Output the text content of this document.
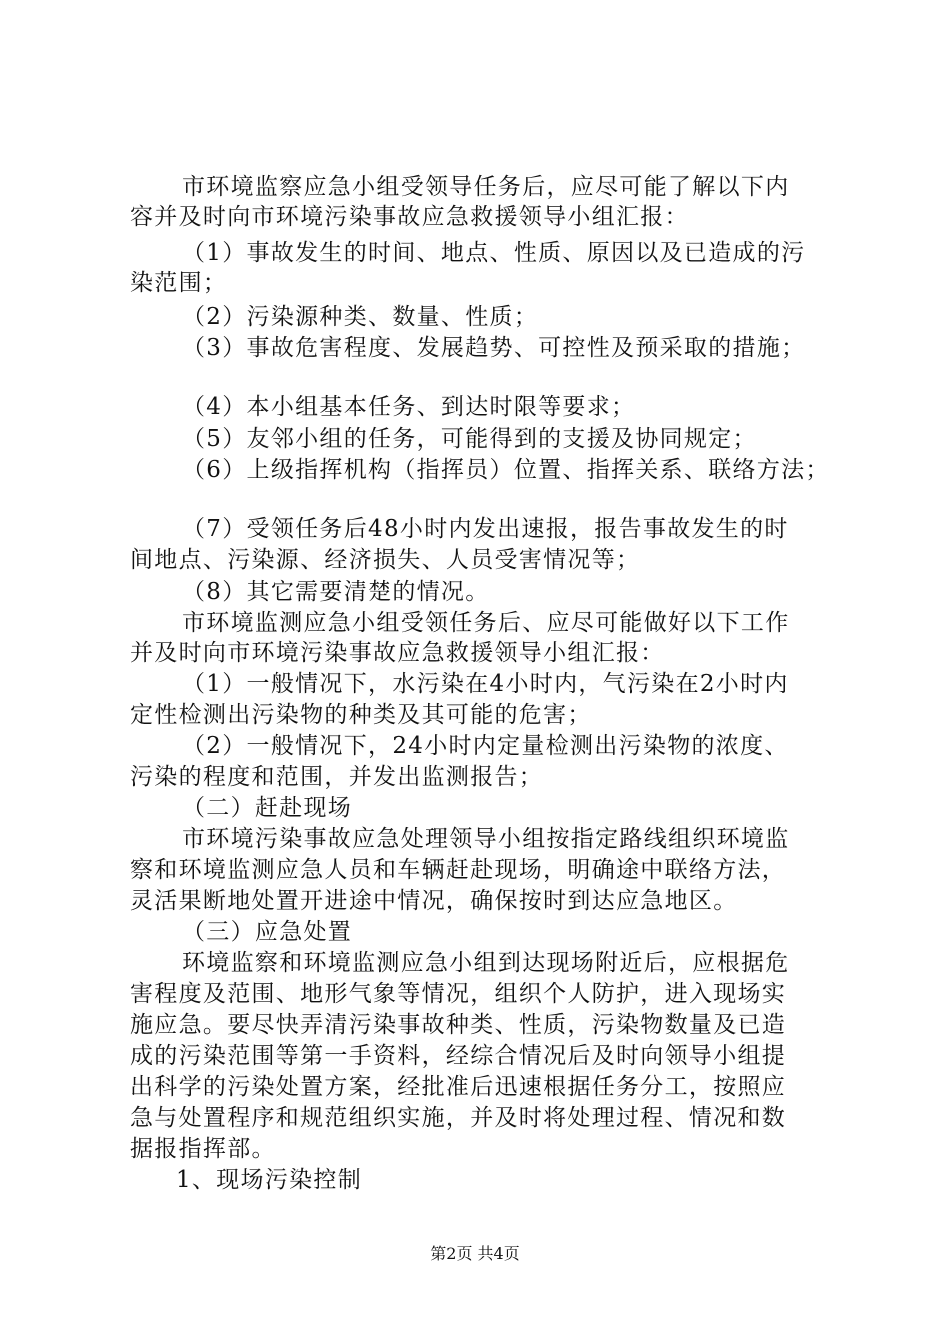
市环境监察应急小组受领导任务后，应尽可能了解以下内
容并及时向市环境污染事故应急救援领导小组汇报：
（1）事故发生的时间、地点、性质、原因以及已造成的污
染范围；
（2）污染源种类、数量、性质；
（3）事故危害程度、发展趋势、可控性及预采取的措施；
（4）本小组基本任务、到达时限等要求；
（5）友邻小组的任务，可能得到的支援及协同规定；
（6）上级指挥机构（指挥员）位置、指挥关系、联络方法；
（7）受领任务后48小时内发出速报，报告事故发生的时
间地点、污染源、经济损失、人员受害情况等；
（8）其它需要清楚的情况。
市环境监测应急小组受领任务后、应尽可能做好以下工作
并及时向市环境污染事故应急救援领导小组汇报：
（1）一般情况下，水污染在4小时内，气污染在2小时内
定性检测出污染物的种类及其可能的危害；
（2）一般情况下，24小时内定量检测出污染物的浓度、
污染的程度和范围，并发出监测报告；
（二）赶赴现场
市环境污染事故应急处理领导小组按指定路线组织环境监
察和环境监测应急人员和车辆赶赴现场，明确途中联络方法，
灵活果断地处置开进途中情况，确保按时到达应急地区。
（三）应急处置
环境监察和环境监测应急小组到达现场附近后，应根据危
害程度及范围、地形气象等情况，组织个人防护，进入现场实
施应急。要尽快弄清污染事故种类、性质，污染物数量及已造
成的污染范围等第一手资料，经综合情况后及时向领导小组提
出科学的污染处置方案，经批准后迅速根据任务分工，按照应
急与处置程序和规范组织实施，并及时将处理过程、情况和数
据报指挥部。
1、现场污染控制
第2页 共4页
